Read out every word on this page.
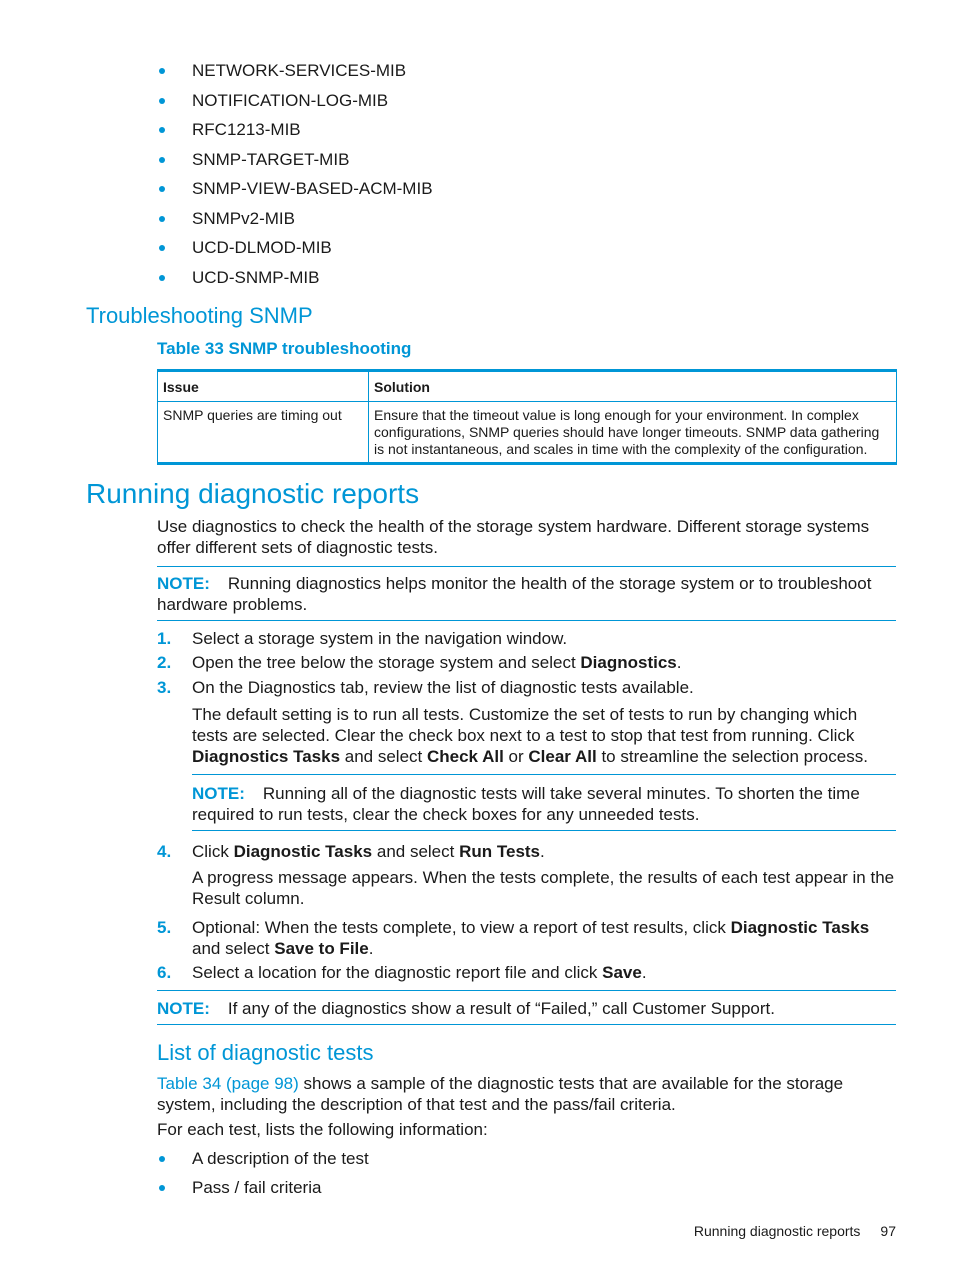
NETWORK-SERVICES-MIB
NOTIFICATION-LOG-MIB
RFC1213-MIB
SNMP-TARGET-MIB
SNMP-VIEW-BASED-ACM-MIB
SNMPv2-MIB
UCD-DLMOD-MIB
UCD-SNMP-MIB
Troubleshooting SNMP
Table 33 SNMP troubleshooting
Issue	Solution
SNMP queries are timing out	Ensure that the timeout value is long enough for your environment. In complex configurations, SNMP queries should have longer timeouts. SNMP data gathering is not instantaneous, and scales in time with the complexity of the configuration.
Running diagnostic reports

Use diagnostics to check the health of the storage system hardware. Different storage systems offer different sets of diagnostic tests.

NOTE: Running diagnostics helps monitor the health of the storage system or to troubleshoot hardware problems.
1. Select a storage system in the navigation window.
2. Open the tree below the storage system and select Diagnostics.
3. On the Diagnostics tab, review the list of diagnostic tests available.

The default setting is to run all tests. Customize the set of tests to run by changing which tests are selected. Clear the check box next to a test to stop that test from running. Click Diagnostics Tasks and select Check All or Clear All to streamline the selection process.

NOTE: Running all of the diagnostic tests will take several minutes. To shorten the time required to run tests, clear the check boxes for any unneeded tests.
4. Click Diagnostic Tasks and select Run Tests.

A progress message appears. When the tests complete, the results of each test appear in the Result column.

5. Optional: When the tests complete, to view a report of test results, click Diagnostic Tasks and select Save to File.
6. Select a location for the diagnostic report file and click Save.
NOTE: If any of the diagnostics show a result of “Failed,” call Customer Support.
List of diagnostic tests

Table 34 (page 98) shows a sample of the diagnostic tests that are available for the storage system, including the description of that test and the pass/fail criteria.

For each test, lists the following information:

A description of the test
Pass / fail criteria
Running diagnostic reports 97
